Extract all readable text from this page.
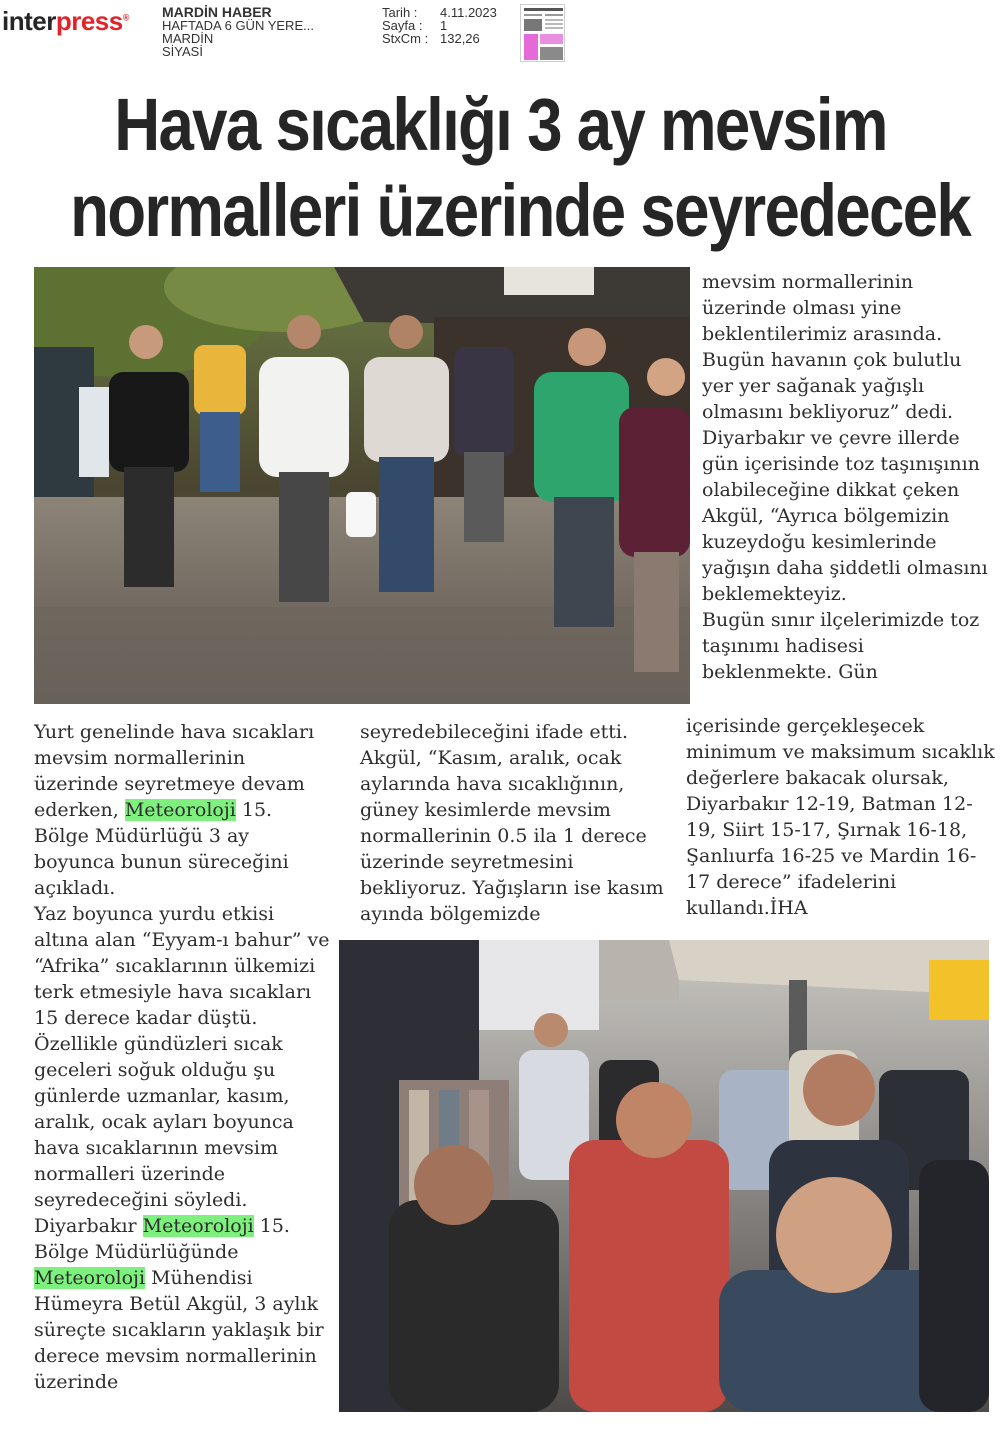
interpress® MARDİN HABER
HAFTADA 6 GÜN YERE...
MARDİN
SİYASİ
Tarih :	4.11.2023
Sayfa :	1
StxCm : 132,26
Hava sıcaklığı 3 ay mevsim
normalleri üzerinde seyredecek

mevsim normallerinin üzerinde olması yine beklentilerimiz arasında. Bugün havanın çok bulutlu yer yer sağanak yağışlı olmasını bekliyoruz” dedi.

Diyarbakır ve çevre illerde gün içerisinde toz taşınışının olabileceğine dikkat çeken Akgül, “Ayrıca bölgemizin kuzeydoğu kesimlerinde yağışın daha şiddetli olmasını beklemekteyiz.

Bugün sınır ilçelerimizde toz taşınımı hadisesi beklenmekte. Gün

Yurt genelinde hava sıcakları mevsim normallerinin üzerinde seyretmeye devam ederken, Meteoroloji 15. Bölge Müdürlüğü 3 ay boyunca bunun süreceğini açıkladı.

Yaz boyunca yurdu etkisi altına alan “Eyyam-ı bahur” ve “Afrika” sıcaklarının ülkemizi terk etmesiyle hava sıcakları 15 derece kadar düştü. Özellikle gündüzleri sıcak geceleri soğuk olduğu şu günlerde uzmanlar, kasım, aralık, ocak ayları boyunca hava sıcaklarının mevsim normalleri üzerinde seyredeceğini söyledi.

Diyarbakır Meteoroloji 15. Bölge Müdürlüğünde Meteoroloji Mühendisi Hümeyra Betül Akgül, 3 aylık süreçte sıcakların yaklaşık bir derece mevsim normallerinin üzerinde

seyredebileceğini ifade etti.

Akgül, “Kasım, aralık, ocak aylarında hava sıcaklığının, güney kesimlerde mevsim normallerinin 0.5 ila 1 derece üzerinde seyretmesini bekliyoruz. Yağışların ise kasım ayında bölgemizde

içerisinde gerçekleşecek minimum ve maksimum sıcaklık değerlere bakacak olursak, Diyarbakır 12-19, Batman 12-19, Siirt 15-17, Şırnak 16-18, Şanlıurfa 16-25 ve Mardin 16- 17 derece” ifadelerini kullandı.İHA
